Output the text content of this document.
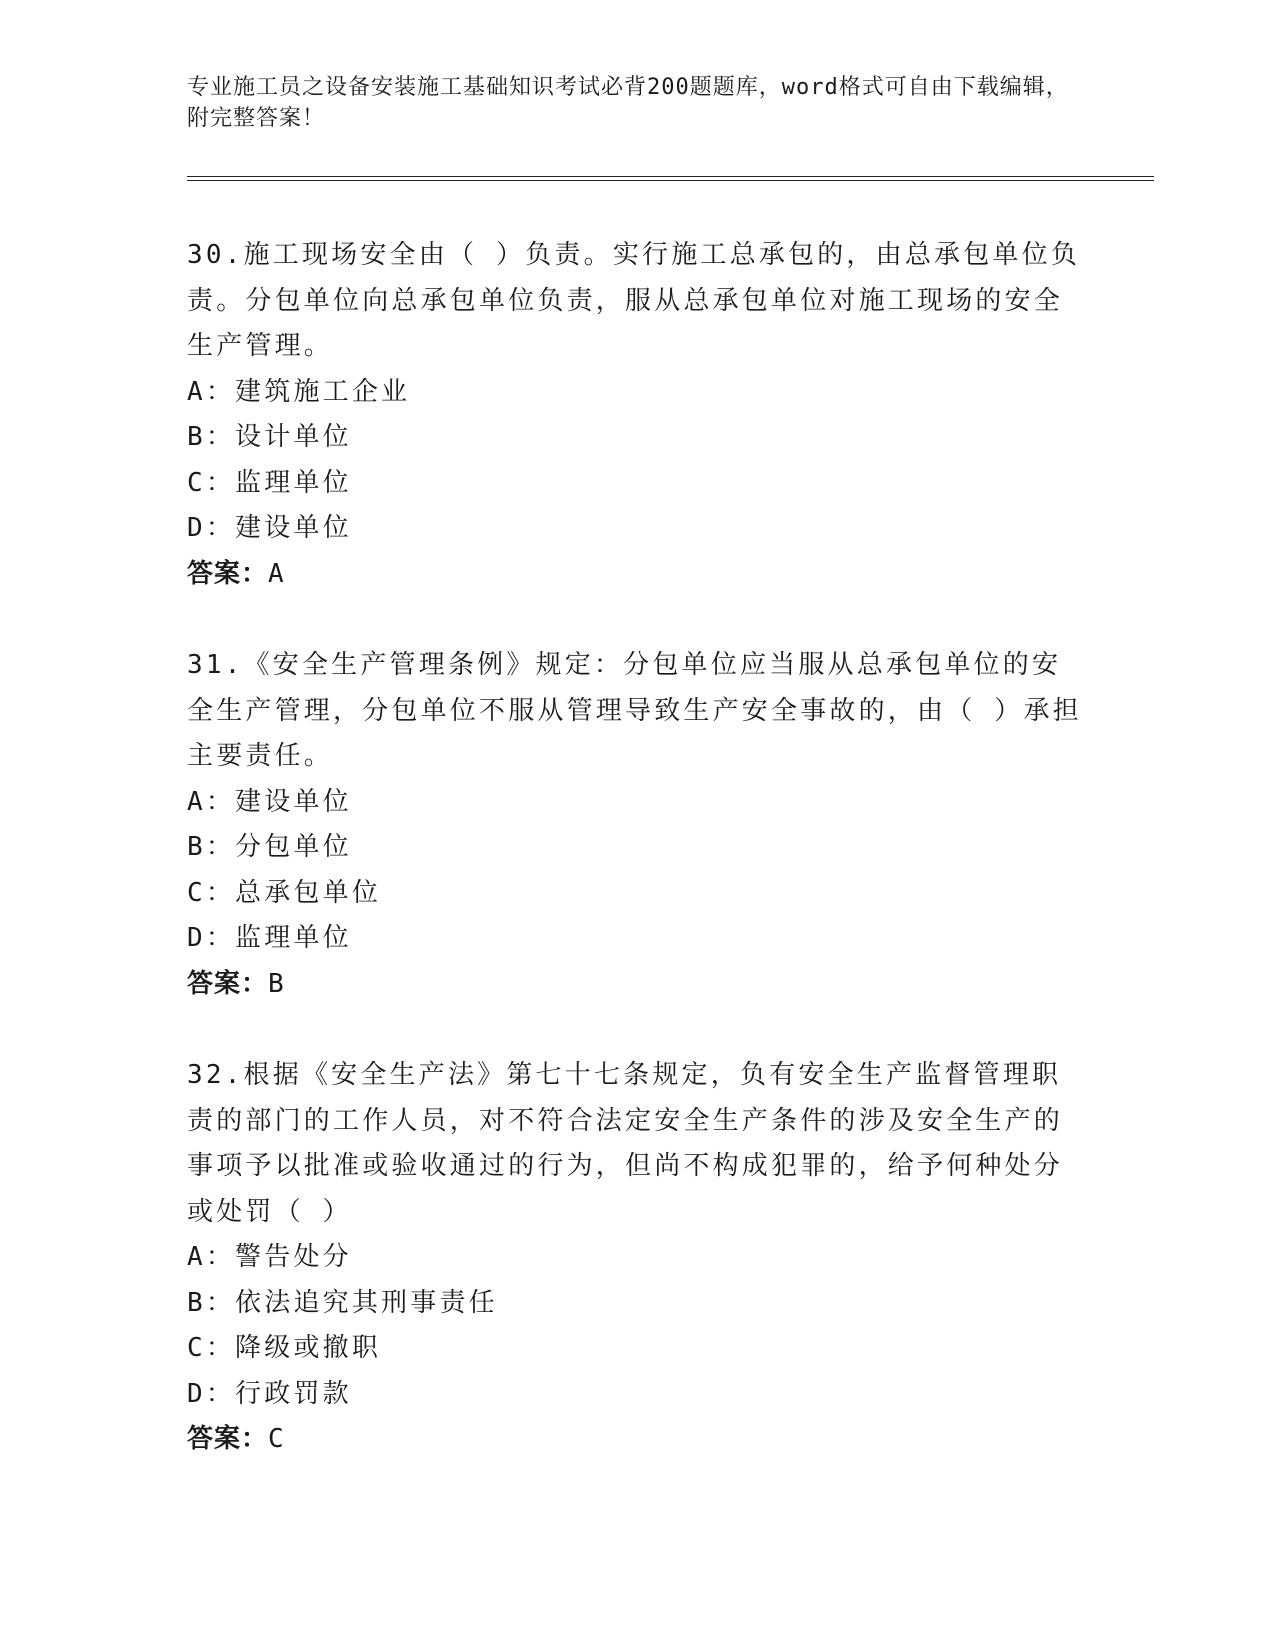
专业施工员之设备安装施工基础知识考试必背200题题库，word格式可自由下载编辑，附完整答案！

30.施工现场安全由（ ）负责。实行施工总承包的，由总承包单位负责。分包单位向总承包单位负责，服从总承包单位对施工现场的安全生产管理。

A：建筑施工企业

B：设计单位

C：监理单位

D：建设单位

答案：A

31.《安全生产管理条例》规定：分包单位应当服从总承包单位的安全生产管理，分包单位不服从管理导致生产安全事故的，由（ ）承担主要责任。

A：建设单位

B：分包单位

C：总承包单位

D：监理单位

答案：B

32.根据《安全生产法》第七十七条规定，负有安全生产监督管理职责的部门的工作人员，对不符合法定安全生产条件的涉及安全生产的事项予以批准或验收通过的行为，但尚不构成犯罪的，给予何种处分或处罚（ ）

A：警告处分

B：依法追究其刑事责任

C：降级或撤职

D：行政罚款

答案：C
